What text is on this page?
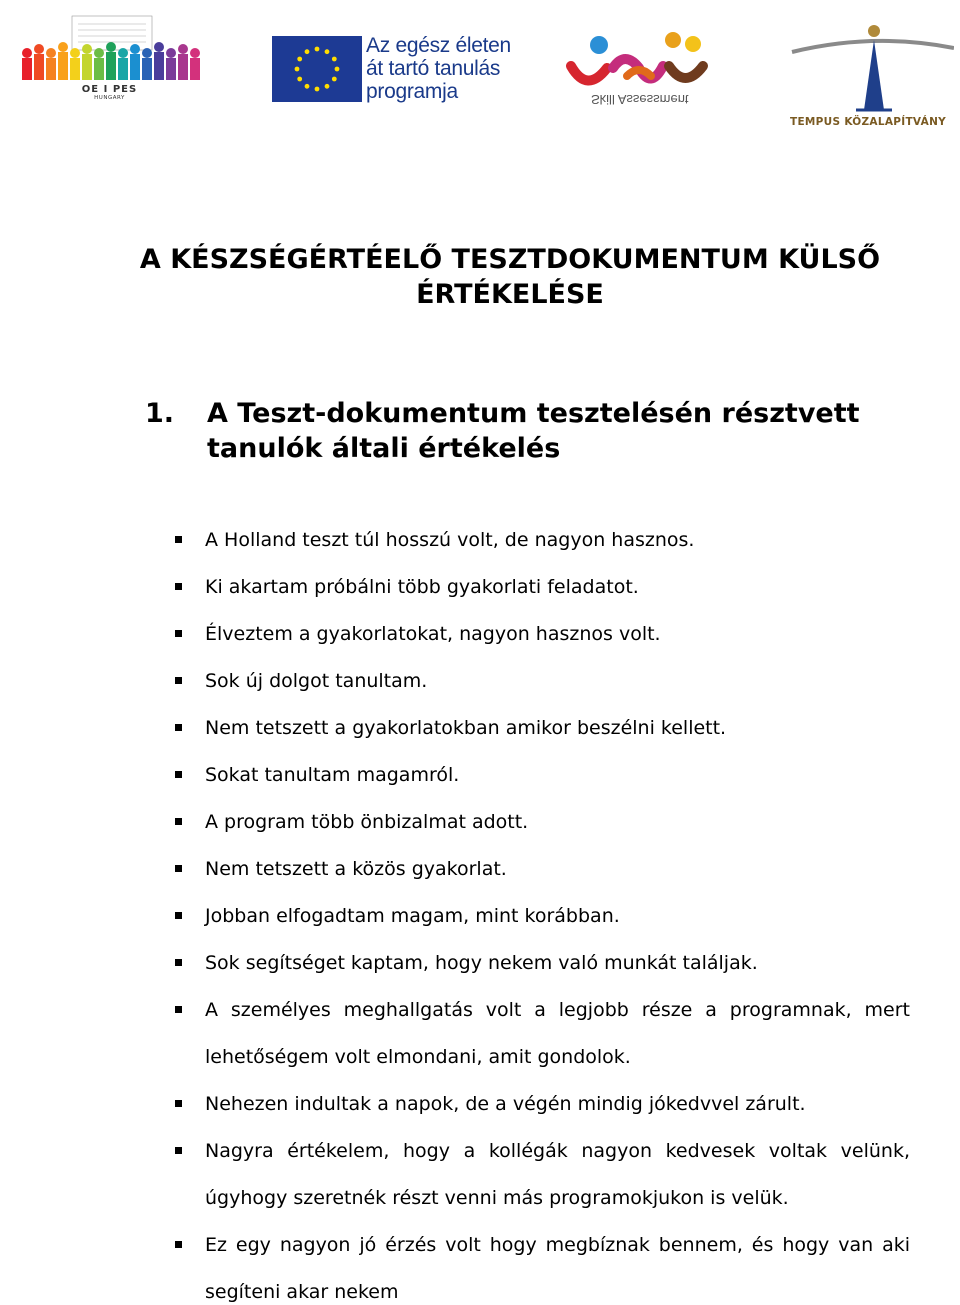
OE I PES
HUNGARY
Az egész életen
át tartó tanulás
programja	Skill Assessment
TEMPUS KÖZALAPÍTVÁNY
A KÉSZSÉGÉRTÉELŐ TESZTDOKUMENTUM KÜLSŐ
ÉRTÉKELÉSE
1. A Teszt-dokumentum tesztelésén résztvett
tanulók általi értékelés
A Holland teszt túl hosszú volt, de nagyon hasznos.
Ki akartam próbálni több gyakorlati feladatot.
Élveztem a gyakorlatokat, nagyon hasznos volt.
Sok új dolgot tanultam.
Nem tetszett a gyakorlatokban amikor beszélni kellett.
Sokat tanultam magamról.
A program több önbizalmat adott.
Nem tetszett a közös gyakorlat.
Jobban elfogadtam magam, mint korábban.
Sok segítséget kaptam, hogy nekem való munkát találjak.
A személyes meghallgatás volt a legjobb része a programnak, mert
lehetőségem volt elmondani, amit gondolok.
Nehezen indultak a napok, de a végén mindig jókedvvel zárult.
Nagyra értékelem, hogy a kollégák nagyon kedvesek voltak velünk,
úgyhogy szeretnék részt venni más programokjukon is velük.
Ez egy nagyon jó érzés volt hogy megbíznak bennem, és hogy van aki
segíteni akar nekem
